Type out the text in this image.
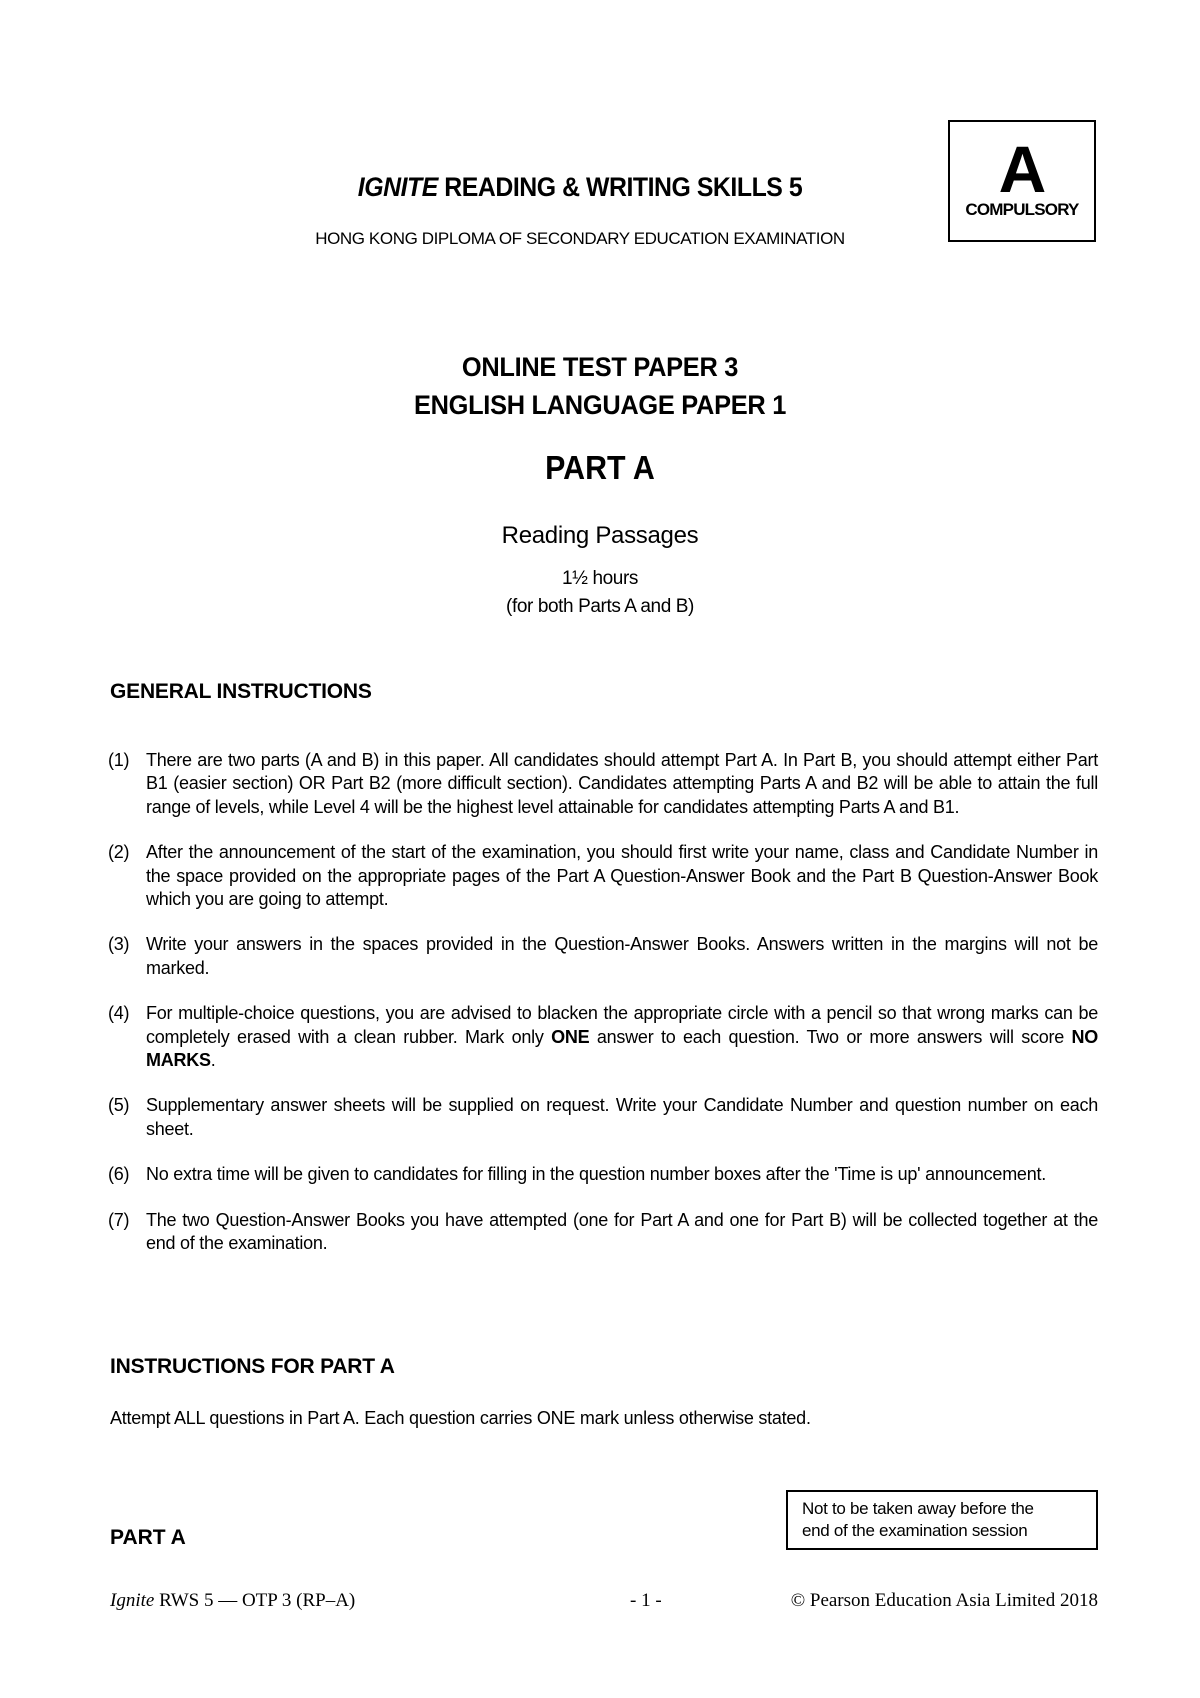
A
COMPULSORY
IGNITE READING & WRITING SKILLS 5
HONG KONG DIPLOMA OF SECONDARY EDUCATION EXAMINATION
ONLINE TEST PAPER 3
ENGLISH LANGUAGE PAPER 1
PART A
Reading Passages
1½ hours
(for both Parts A and B)
GENERAL INSTRUCTIONS
(1) There are two parts (A and B) in this paper. All candidates should attempt Part A. In Part B, you should attempt either Part B1 (easier section) OR Part B2 (more difficult section). Candidates attempting Parts A and B2 will be able to attain the full range of levels, while Level 4 will be the highest level attainable for candidates attempting Parts A and B1.
(2) After the announcement of the start of the examination, you should first write your name, class and Candidate Number in the space provided on the appropriate pages of the Part A Question-Answer Book and the Part B Question-Answer Book which you are going to attempt.
(3) Write your answers in the spaces provided in the Question-Answer Books. Answers written in the margins will not be marked.
(4) For multiple-choice questions, you are advised to blacken the appropriate circle with a pencil so that wrong marks can be completely erased with a clean rubber. Mark only ONE answer to each question. Two or more answers will score NO MARKS.
(5) Supplementary answer sheets will be supplied on request. Write your Candidate Number and question number on each sheet.
(6) No extra time will be given to candidates for filling in the question number boxes after the 'Time is up' announcement.
(7) The two Question-Answer Books you have attempted (one for Part A and one for Part B) will be collected together at the end of the examination.
INSTRUCTIONS FOR PART A
Attempt ALL questions in Part A. Each question carries ONE mark unless otherwise stated.
Not to be taken away before the
end of the examination session
PART A
Ignite RWS 5 — OTP 3 (RP–A)	- 1 -	© Pearson Education Asia Limited 2018
